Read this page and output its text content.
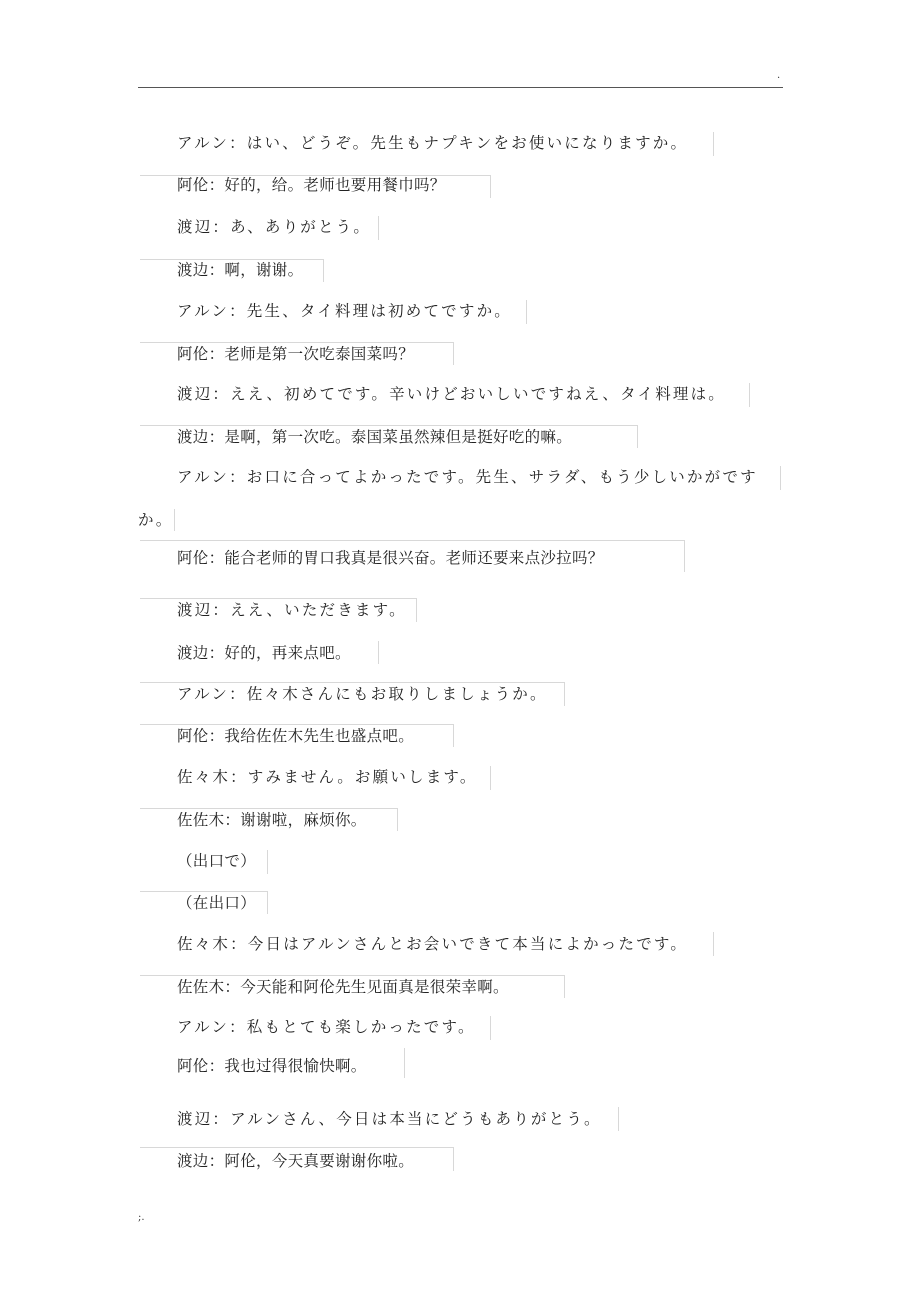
.
アルン：はい、どうぞ。先生もナプキンをお使いになりますか。
阿伦：好的，给。老师也要用餐巾吗？
渡辺：あ、ありがとう。
渡边：啊，谢谢。
アルン：先生、タイ料理は初めてですか。
阿伦：老师是第一次吃泰国菜吗？
渡辺：ええ、初めてです。辛いけどおいしいですねえ、タイ料理は。
渡边：是啊，第一次吃。泰国菜虽然辣但是挺好吃的嘛。
アルン：お口に合ってよかったです。先生、サラダ、もう少しいかがです
か。
阿伦：能合老师的胃口我真是很兴奋。老师还要来点沙拉吗？
渡辺：ええ、いただきます。
渡边：好的，再来点吧。
アルン：佐々木さんにもお取りしましょうか。
阿伦：我给佐佐木先生也盛点吧。
佐々木：すみません。お願いします。
佐佐木：谢谢啦，麻烦你。
（出口で）
（在出口）
佐々木：今日はアルンさんとお会いできて本当によかったです。
佐佐木：今天能和阿伦先生见面真是很荣幸啊。
アルン：私もとても楽しかったです。
阿伦：我也过得很愉快啊。
渡辺：アルンさん、今日は本当にどうもありがとう。
渡边：阿伦，今天真要谢谢你啦。
;.
